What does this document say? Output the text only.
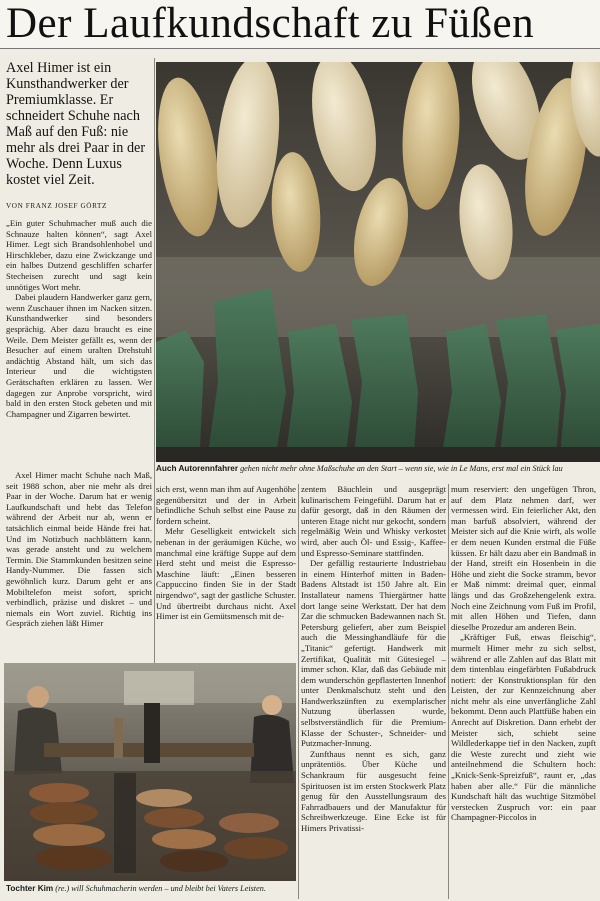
Der Laufkundschaft zu Füßen
Axel Himer ist ein Kunsthandwerker der Premiumklasse. Er schneidert Schuhe nach Maß auf den Fuß: nie mehr als drei Paar in der Woche. Denn Luxus kostet viel Zeit.
VON FRANZ JOSEF GÖRTZ

„Ein guter Schuhmacher muß auch die Schnauze halten können“, sagt Axel Himer. Legt sich Brandsohlenhobel und Hirschkleber, dazu eine Zwickzange und ein halbes Dutzend geschliffen scharfer Stecheisen zurecht und sagt kein unnötiges Wort mehr.

Dabei plaudern Handwerker ganz gern, wenn Zuschauer ihnen im Nacken sitzen. Kunsthandwerker sind besonders gesprächig. Aber dazu braucht es eine Weile. Dem Meister gefällt es, wenn der Besucher auf einem uralten Drehstuhl andächtig Abstand hält, um sich das Interieur und die wichtigsten Gerätschaften erklären zu lassen. Wer dagegen zur Anprobe vorspricht, wird bald in den ersten Stock gebeten und mit Champagner und Zigarren bewirtet.

Axel Himer macht Schuhe nach Maß, seit 1988 schon, aber nie mehr als drei Paar in der Woche. Darum hat er wenig Laufkundschaft und hebt das Telefon während der Arbeit nur ab, wenn er tatsächlich einmal beide Hände frei hat. Und im Notizbuch nachblättern kann, was gerade ansteht und zu welchem Termin. Die Stammkunden besitzen seine Handy-Nummer. Die fassen sich gewöhnlich kurz. Darum geht er ans Mobiltelefon meist sofort, spricht verbindlich, präzise und diskret – und niemals ein Wort zuviel. Richtig ins Gespräch ziehen läßt Himer

Auch Autorennfahrer gehen nicht mehr ohne Maßschuhe an den Start – wenn sie, wie in Le Mans, erst mal ein Stück lau

sich erst, wenn man ihm auf Augenhöhe gegenübersitzt und der in Arbeit befindliche Schuh selbst eine Pause zu fordern scheint.

Mehr Geselligkeit entwickelt sich nebenan in der geräumigen Küche, wo manchmal eine kräftige Suppe auf dem Herd steht und meist die Espresso-Maschine läuft: „Einen besseren Cappuccino finden Sie in der Stadt nirgendwo“, sagt der gastliche Schuster. Und übertreibt durchaus nicht. Axel Himer ist ein Gemütsmensch mit de-

zentem Bäuchlein und ausgeprägt kulinarischem Feingefühl. Darum hat er dafür gesorgt, daß in den Räumen der unteren Etage nicht nur gekocht, sondern regelmäßig Wein und Whisky verkostet wird, aber auch Öl- und Essig-, Kaffee- und Espresso-Seminare stattfinden.

Der gefällig restaurierte Industriebau in einem Hinterhof mitten in Baden-Badens Altstadt ist 150 Jahre alt. Ein Installateur namens Thiergärtner hatte dort lange seine Werkstatt. Der hat dem Zar die schmucken Badewannen nach St. Petersburg geliefert, aber zum Beispiel auch die Messinghandläufe für die „Titanic“ gefertigt. Handwerk mit Zertifikat, Qualität mit Gütesiegel – immer schon. Klar, daß das Gebäude mit dem wunderschön gepflasterten Innenhof unter Denkmalschutz steht und den Handwerkszünften zu exemplarischer Nutzung überlassen wurde, selbstverständlich für die Premium-Klasse der Schuster-, Schneider- und Putzmacher-Innung.

Zunfthaus nennt es sich, ganz unprätentiös. Über Küche und Schankraum für ausgesucht feine Spirituosen ist im ersten Stockwerk Platz genug für den Ausstellungsraum des Fahrradbauers und der Manufaktur für Schreibwerkzeuge. Eine Ecke ist für Himers Privatissi-

mum reserviert: den ungefügen Thron, auf dem Platz nehmen darf, wer vermessen wird. Ein feierlicher Akt, den man barfuß absolviert, während der Meister sich auf die Knie wirft, als wolle er dem neuen Kunden erstmal die Füße küssen. Er hält dazu aber ein Bandmaß in der Hand, streift ein Hosenbein in die Höhe und zieht die Socke stramm, bevor er Maß nimmt: dreimal quer, einmal längs und das Großzehengelenk extra. Noch eine Zeichnung vom Fuß im Profil, mit allen Höhen und Tiefen, dann dieselbe Prozedur am anderen Bein.

„Kräftiger Fuß, etwas fleischig“, murmelt Himer mehr zu sich selbst, während er alle Zahlen auf das Blatt mit dem tintenblau eingefärbten Fußabdruck notiert: der Konstruktionsplan für den Leisten, der zur Kennzeichnung aber nicht mehr als eine unverfängliche Zahl bekommt. Denn auch Plattfüße haben ein Anrecht auf Diskretion. Dann erhebt der Meister sich, schiebt seine Wildlederkappe tief in den Nacken, zupft die Weste zurecht und zieht wie anteilnehmend die Schultern hoch: „Knick-Senk-Spreizfuß“, raunt er, „das haben aber alle.“ Für die männliche Kundschaft hält das wuchtige Sitzmöbel verstecken Zuspruch vor: ein paar Champagner-Piccolos in

Tochter Kim (re.) will Schuhmacherin werden – und bleibt bei Vaters Leisten.
